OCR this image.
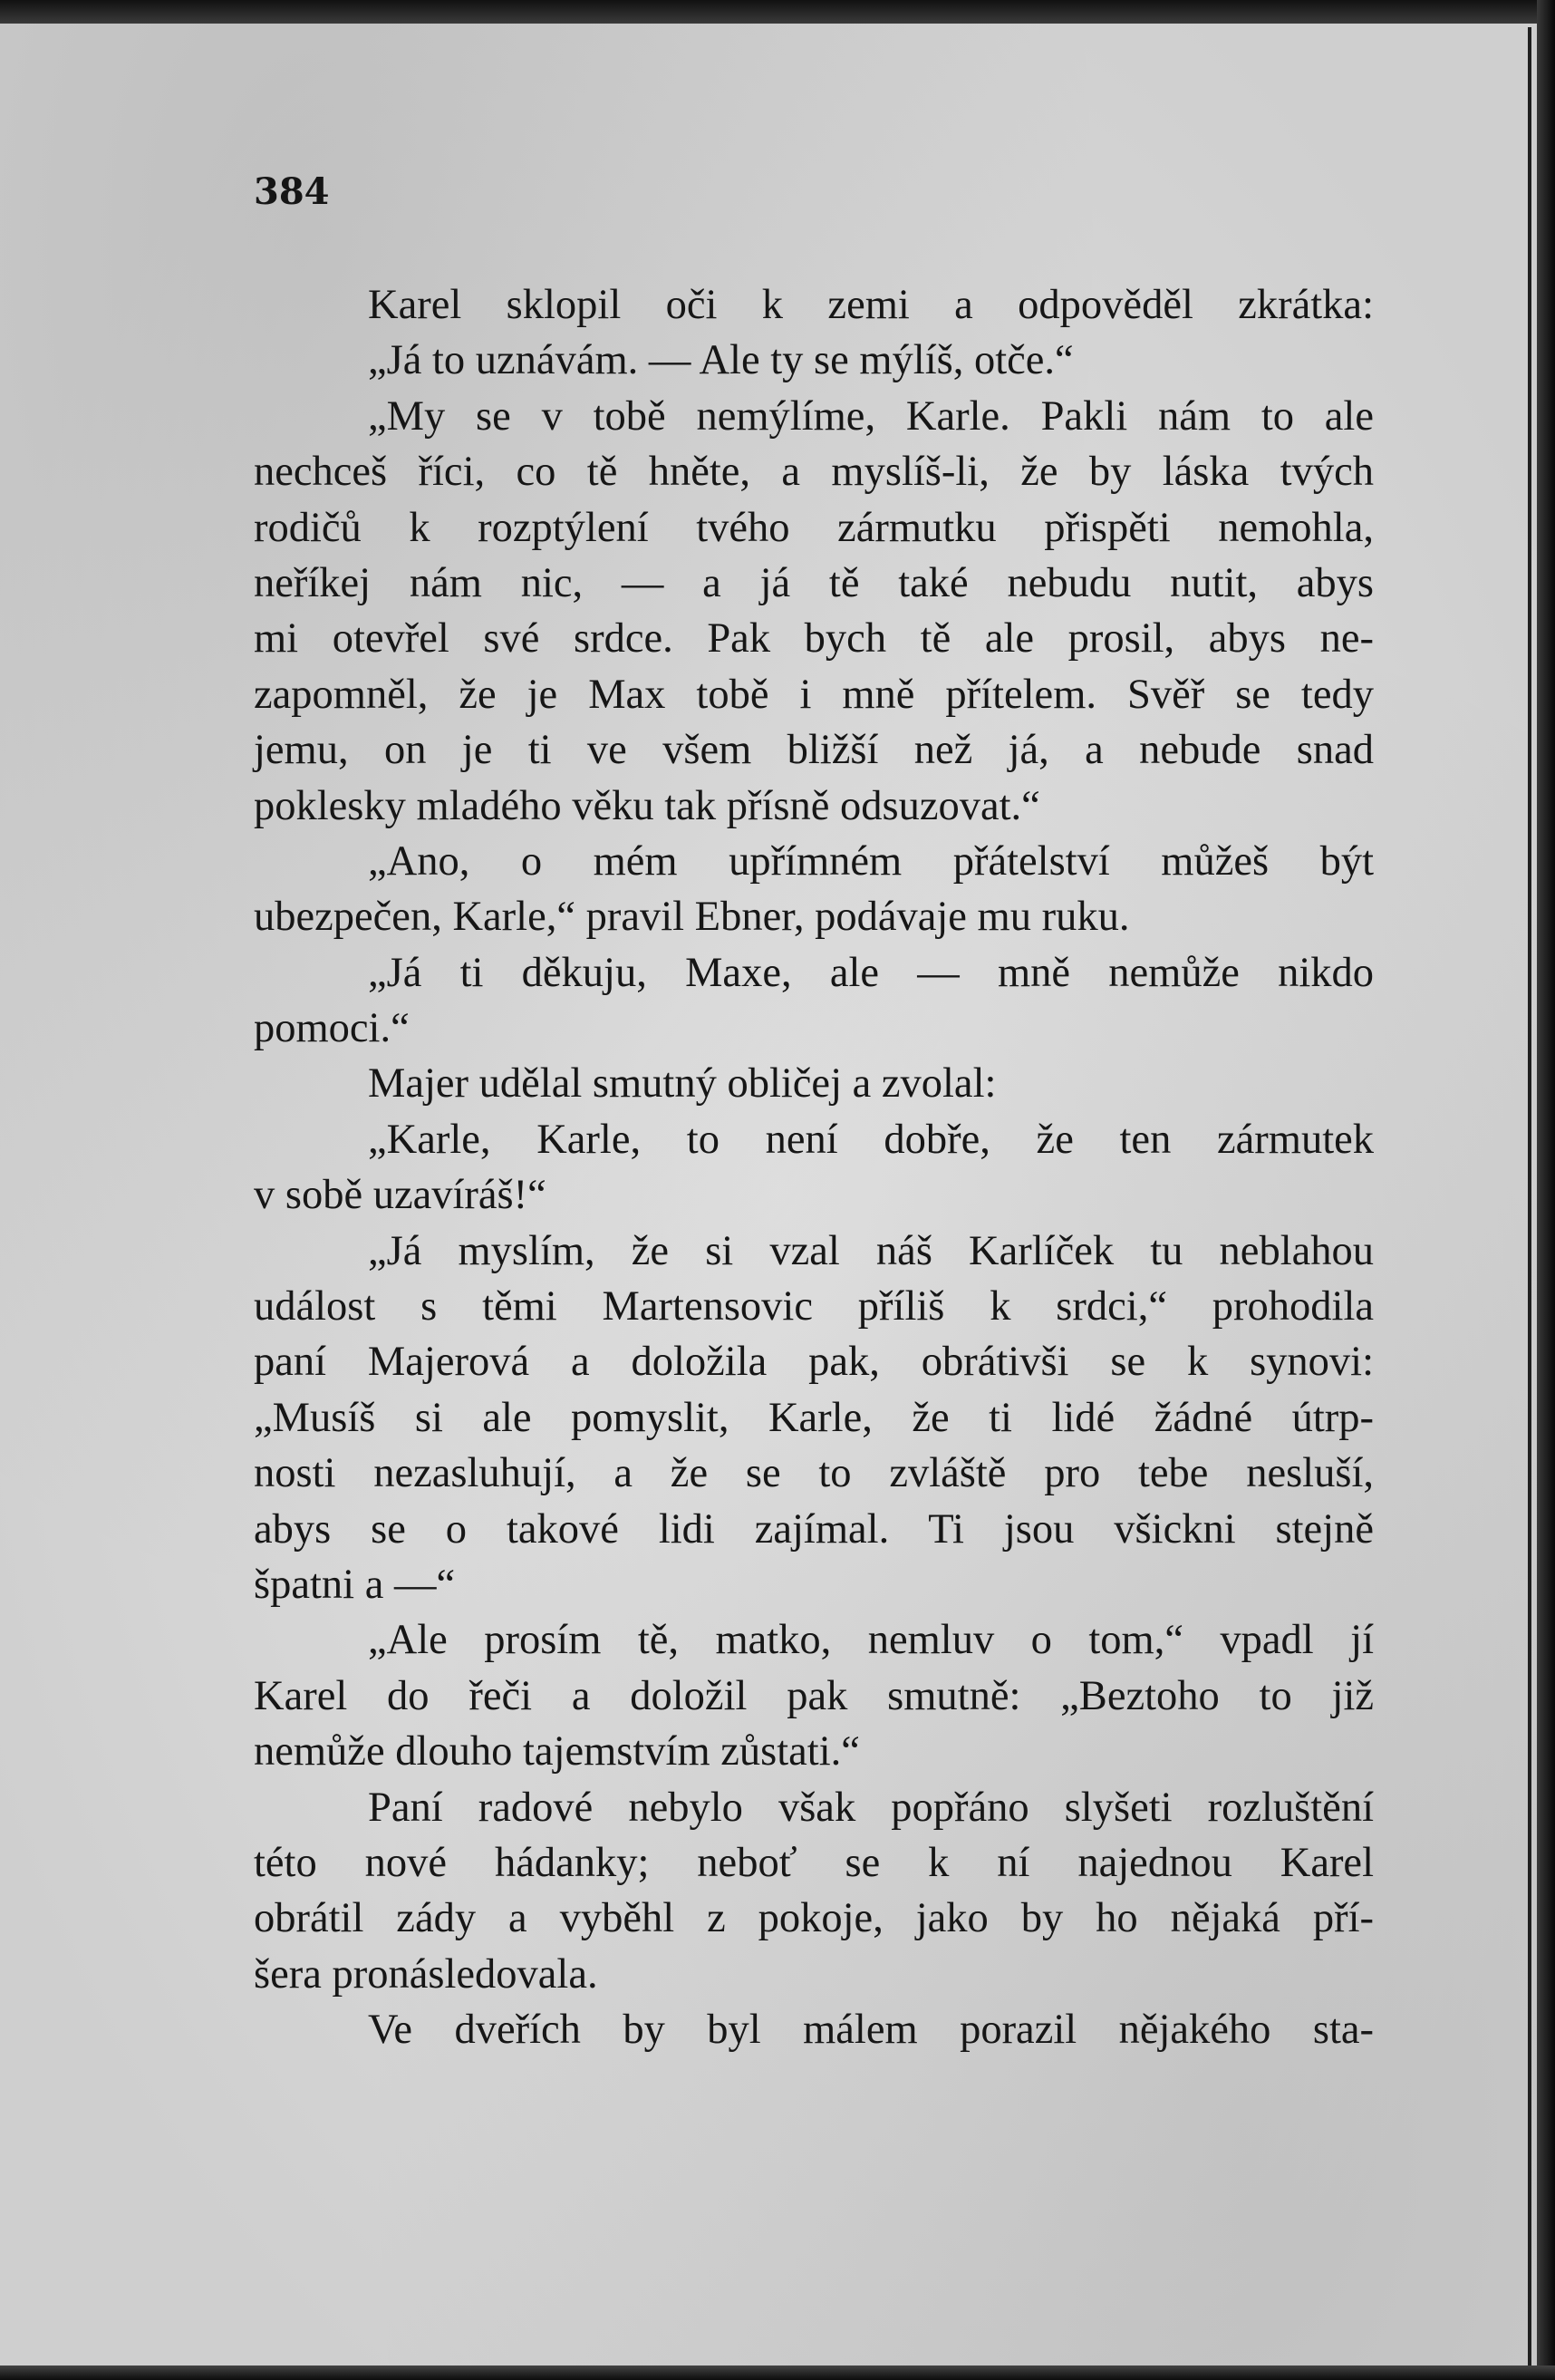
384
Karel sklopil oči k zemi a odpověděl zkrátka:
„Já to uznávám. — Ale ty se mýlíš, otče.“
„My se v tobě nemýlíme, Karle. Pakli nám to ale
nechceš říci, co tě hněte, a myslíš-li, že by láska tvých
rodičů k rozptýlení tvého zármutku přispěti nemohla,
neříkej nám nic, — a já tě také nebudu nutit, abys
mi otevřel své srdce. Pak bych tě ale prosil, abys ne-
zapomněl, že je Max tobě i mně přítelem. Svěř se tedy
jemu, on je ti ve všem bližší než já, a nebude snad
poklesky mladého věku tak přísně odsuzovat.“
„Ano, o mém upřímném přátelství můžeš být
ubezpečen, Karle,“ pravil Ebner, podávaje mu ruku.
„Já ti děkuju, Maxe, ale — mně nemůže nikdo
pomoci.“
Majer udělal smutný obličej a zvolal:
„Karle, Karle, to není dobře, že ten zármutek
v sobě uzavíráš!“
„Já myslím, že si vzal náš Karlíček tu neblahou
událost s těmi Martensovic příliš k srdci,“ prohodila
paní Majerová a doložila pak, obrátivši se k synovi:
„Musíš si ale pomyslit, Karle, že ti lidé žádné útrp-
nosti nezasluhují, a že se to zvláště pro tebe nesluší,
abys se o takové lidi zajímal. Ti jsou všickni stejně
špatni a —“
„Ale prosím tě, matko, nemluv o tom,“ vpadl jí
Karel do řeči a doložil pak smutně: „Beztoho to již
nemůže dlouho tajemstvím zůstati.“
Paní radové nebylo však popřáno slyšeti rozluštění
této nové hádanky; neboť se k ní najednou Karel
obrátil zády a vyběhl z pokoje, jako by ho nějaká pří-
šera pronásledovala.
Ve dveřích by byl málem porazil nějakého sta-
